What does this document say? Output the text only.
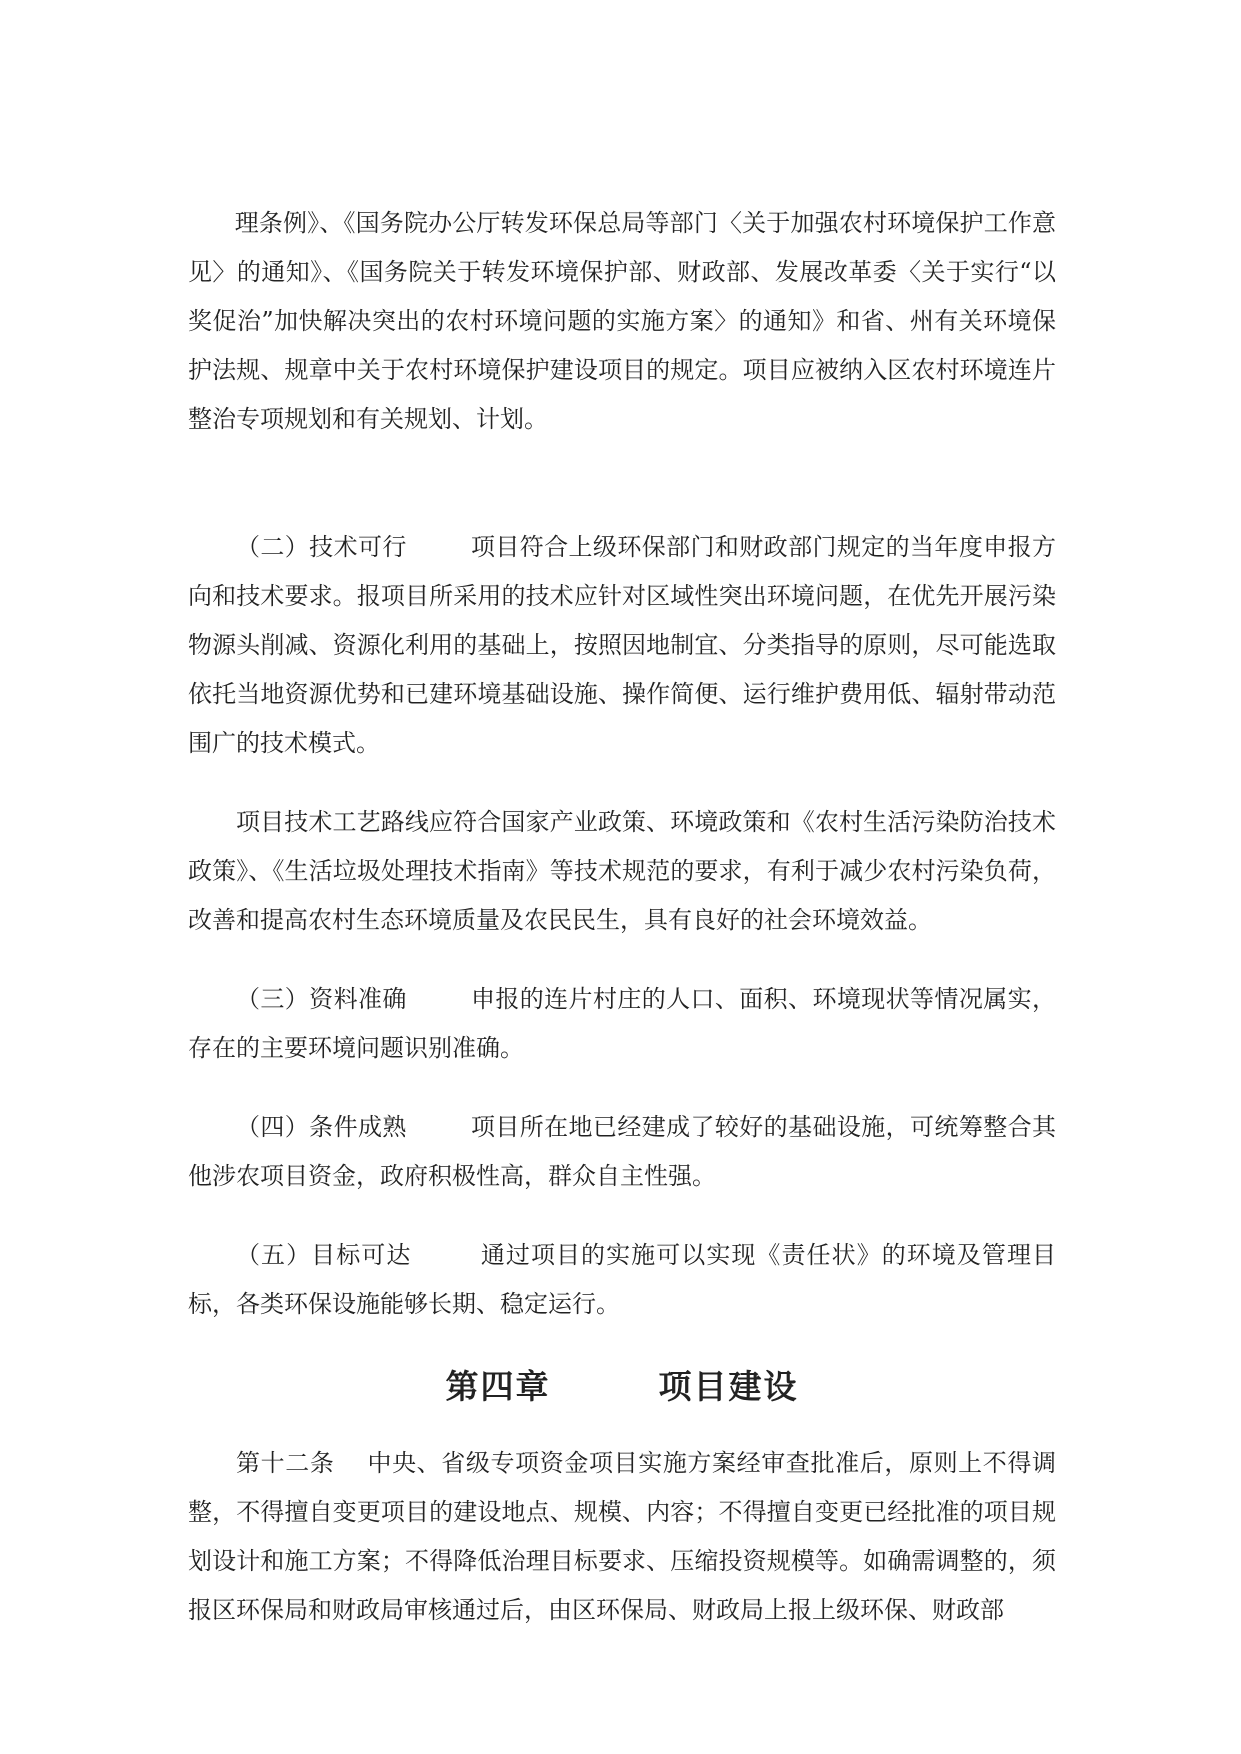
理条例》、《国务院办公厅转发环保总局等部门〈关于加强农村环境保护工作意见〉的通知》、《国务院关于转发环境保护部、财政部、发展改革委〈关于实行“以奖促治”加快解决突出的农村环境问题的实施方案〉的通知》和省、州有关环境保护法规、规章中关于农村环境保护建设项目的规定。项目应被纳入区农村环境连片整治专项规划和有关规划、计划。

（二）技术可行	项目符合上级环保部门和财政部门规定的当年度申报方向和技术要求。报项目所采用的技术应针对区域性突出环境问题，在优先开展污染物源头削减、资源化利用的基础上，按照因地制宜、分类指导的原则，尽可能选取依托当地资源优势和已建环境基础设施、操作简便、运行维护费用低、辐射带动范围广的技术模式。

项目技术工艺路线应符合国家产业政策、环境政策和《农村生活污染防治技术政策》、《生活垃圾处理技术指南》等技术规范的要求，有利于减少农村污染负荷，改善和提高农村生态环境质量及农民民生，具有良好的社会环境效益。

（三）资料准确	申报的连片村庄的人口、面积、环境现状等情况属实，存在的主要环境问题识别准确。

（四）条件成熟	项目所在地已经建成了较好的基础设施，可统筹整合其他涉农项目资金，政府积极性高，群众自主性强。

（五）目标可达	通过项目的实施可以实现《责任状》的环境及管理目标，各类环保设施能够长期、稳定运行。

第四章        项目建设

第十二条 中央、省级专项资金项目实施方案经审查批准后，原则上不得调整，不得擅自变更项目的建设地点、规模、内容；不得擅自变更已经批准的项目规划设计和施工方案；不得降低治理目标要求、压缩投资规模等。如确需调整的，须报区环保局和财政局审核通过后，由区环保局、财政局上报上级环保、财政部
